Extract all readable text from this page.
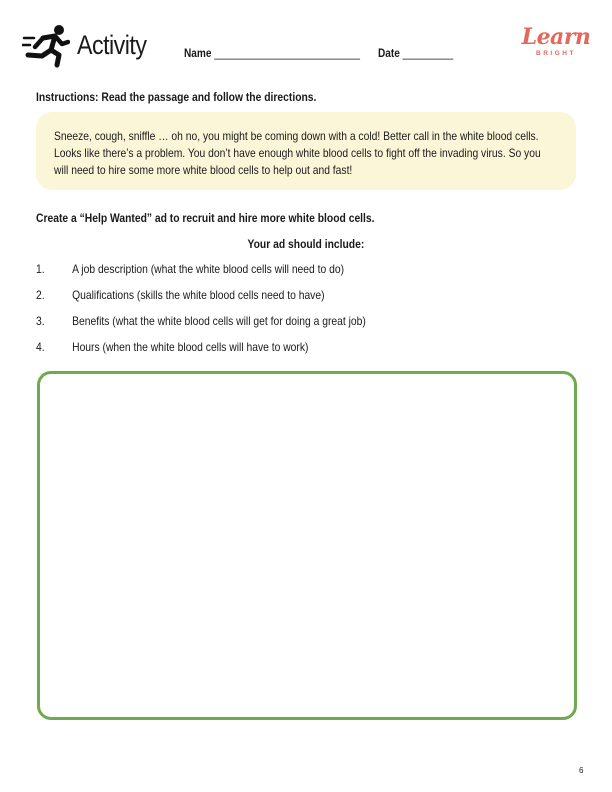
Activity	Name __________________________ Date _________
Learn
BRIGHT
Instructions: Read the passage and follow the directions.
Sneeze, cough, sniffle … oh no, you might be coming down with a cold! Better call in the white blood cells. Looks like there’s a problem. You don’t have enough white blood cells to fight off the invading virus. So you will need to hire some more white blood cells to help out and fast!
Create a “Help Wanted” ad to recruit and hire more white blood cells.
Your ad should include:
1. A job description (what the white blood cells will need to do)
2. Qualifications (skills the white blood cells need to have)
3. Benefits (what the white blood cells will get for doing a great job)
4. Hours (when the white blood cells will have to work)
6
